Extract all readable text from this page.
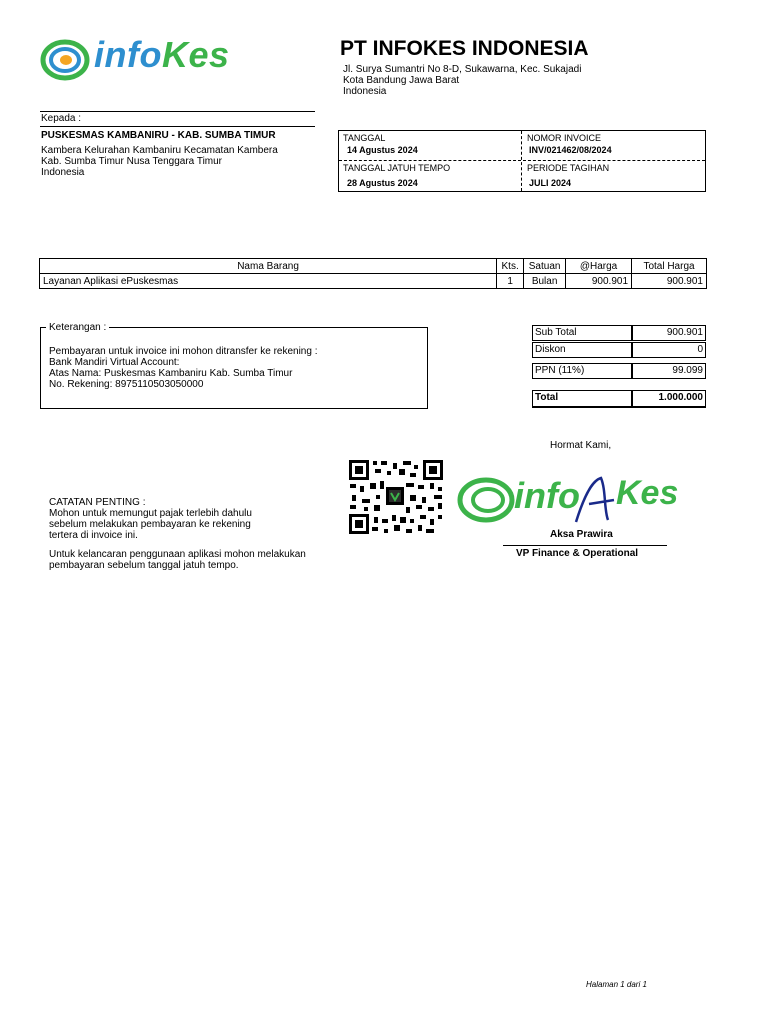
infoKes	PT INFOKES INDONESIA
Jl. Surya Sumantri No 8-D, Sukawarna, Kec. Sukajadi
Kota Bandung Jawa Barat
Indonesia
Kepada :
PUSKESMAS KAMBANIRU - KAB. SUMBA TIMUR
Kambera Kelurahan Kambaniru Kecamatan Kambera
Kab. Sumba Timur Nusa Tenggara Timur
Indonesia
TANGGAL
14 Agustus 2024
NOMOR INVOICE
INV/021462/08/2024
TANGGAL JATUH TEMPO
28 Agustus 2024
PERIODE TAGIHAN
JULI 2024
Nama Barang	Kts.	Satuan	@Harga	Total Harga
Layanan Aplikasi ePuskesmas	1	Bulan	900.901	900.901
Keterangan :
Pembayaran untuk invoice ini mohon ditransfer ke rekening :
Bank Mandiri Virtual Account:
Atas Nama: Puskesmas Kambaniru Kab. Sumba Timur
No. Rekening: 8975110503050000
Sub Total	900.901
Diskon	0
PPN (11%)	99.099
Total	1.000.000
Hormat Kami,
info Kes
Aksa Prawira
VP Finance & Operational
CATATAN PENTING :
Mohon untuk memungut pajak terlebih dahulu
sebelum melakukan pembayaran ke rekening
tertera di invoice ini.
Untuk kelancaran penggunaan aplikasi mohon melakukan
pembayaran sebelum tanggal jatuh tempo.
Halaman 1 dari 1
